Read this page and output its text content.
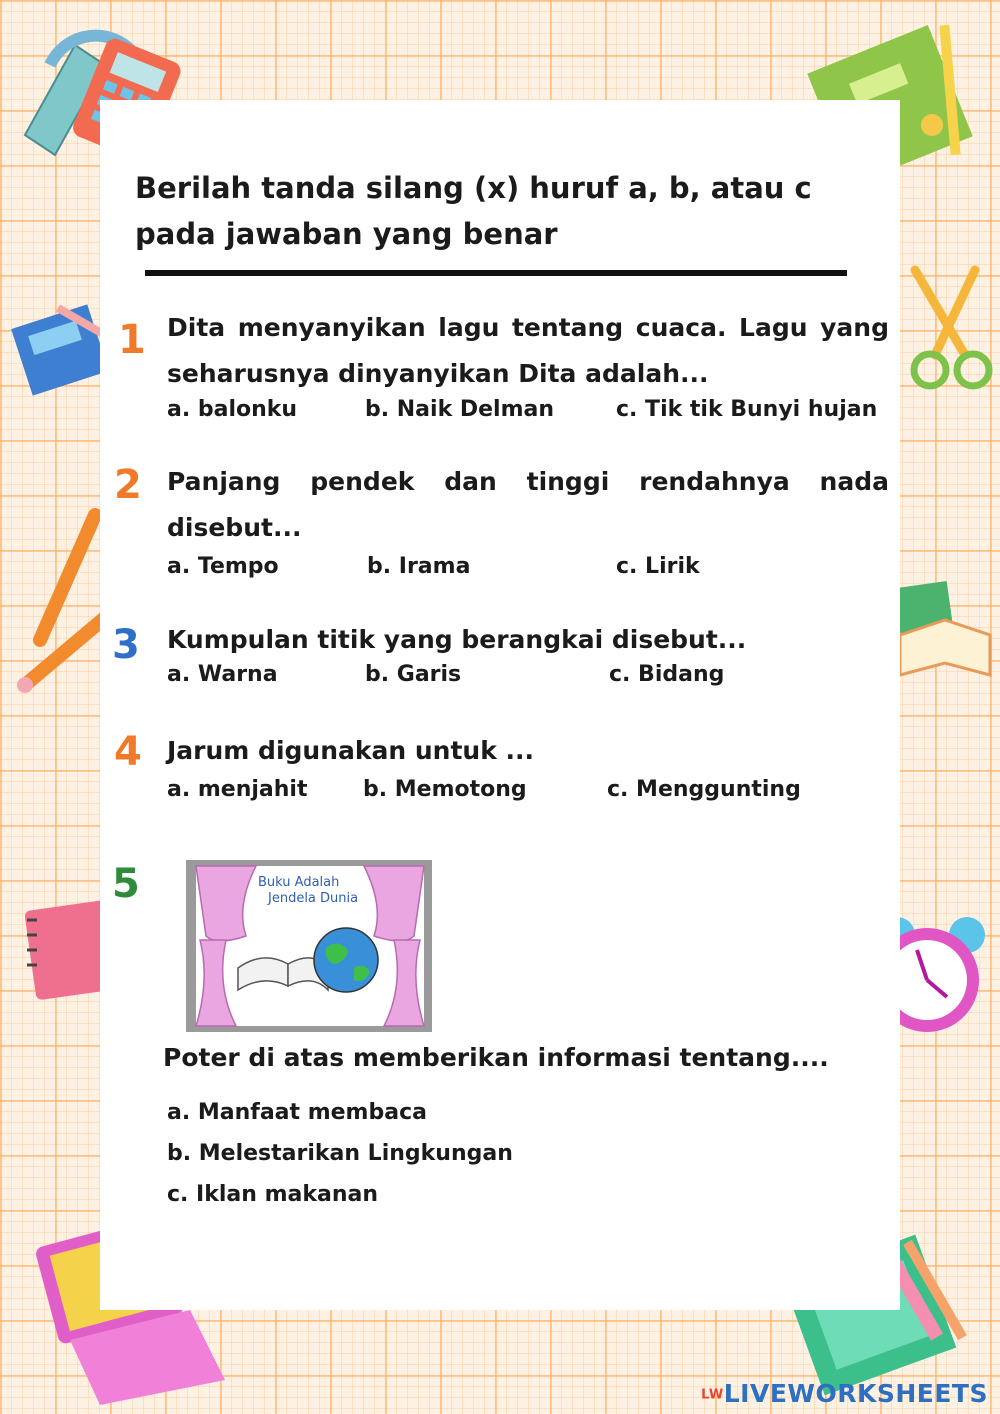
Berilah tanda silang (x) huruf a, b, atau c pada jawaban yang benar
1 Dita menyanyikan lagu tentang cuaca. Lagu yang seharusnya dinyanyikan Dita adalah...
a. balonku	b. Naik Delman	c. Tik tik Bunyi hujan
2 Panjang pendek dan tinggi rendahnya nada disebut...
a. Tempo	b. Irama	c. Lirik
3 Kumpulan titik yang berangkai disebut...
a. Warna	b. Garis	c. Bidang
4 Jarum digunakan untuk ...
a. menjahit	b. Memotong	c. Menggunting
5	Buku Adalah
Jendela Dunia
Poter di atas memberikan informasi tentang....
a. Manfaat membaca
b. Melestarikan Lingkungan
c. Iklan makanan
LWLIVEWORKSHEETS
